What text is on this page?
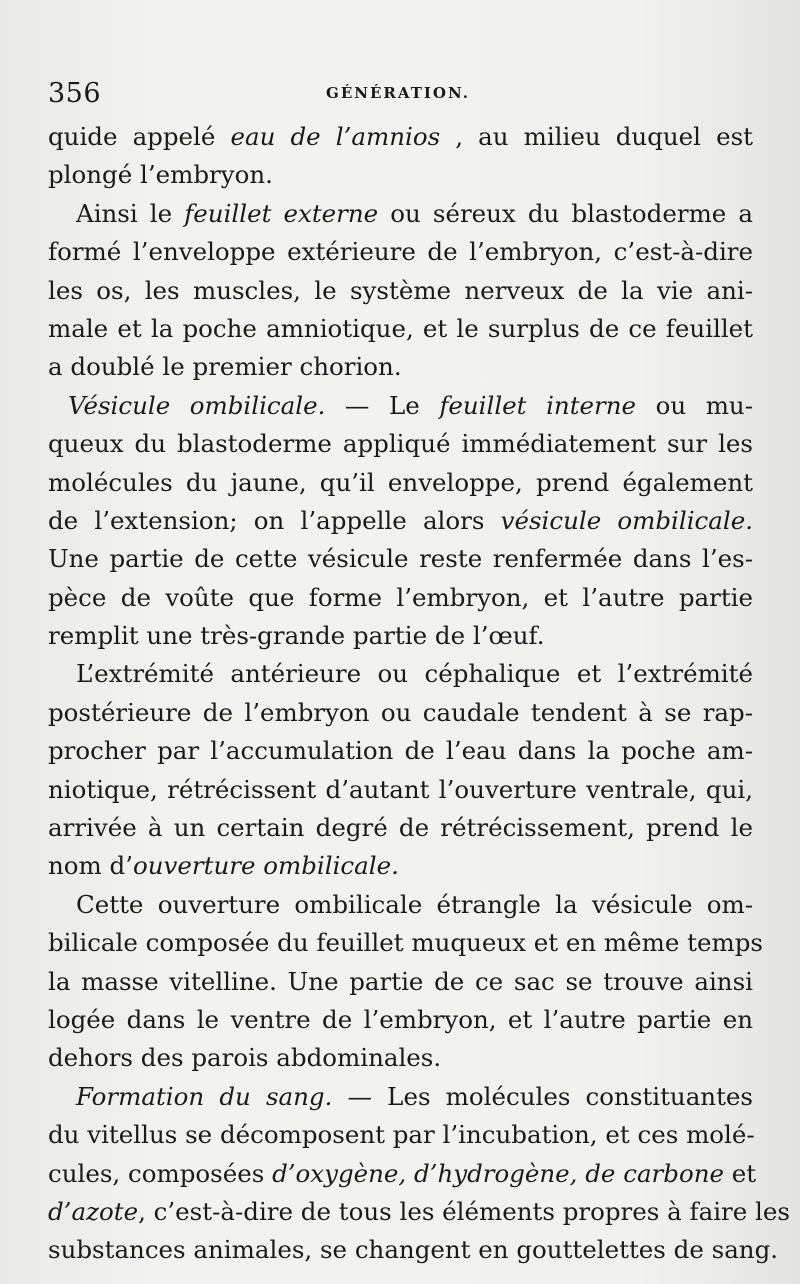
356	GÉNÉRATION.
quide appelé eau de l’amnios , au milieu duquel est
plongé l’embryon.
Ainsi le feuillet externe ou séreux du blastoderme a
formé l’enveloppe extérieure de l’embryon, c’est-à-dire
les os, les muscles, le système nerveux de la vie ani-
male et la poche amniotique, et le surplus de ce feuillet
a doublé le premier chorion.
Vésicule ombilicale. — Le feuillet interne ou mu-
queux du blastoderme appliqué immédiatement sur les
molécules du jaune, qu’il enveloppe, prend également
de l’extension; on l’appelle alors vésicule ombilicale.
Une partie de cette vésicule reste renfermée dans l’es-
pèce de voûte que forme l’embryon, et l’autre partie
remplit une très-grande partie de l’œuf.
L’extrémité antérieure ou céphalique et l’extrémité
postérieure de l’embryon ou caudale tendent à se rap-
procher par l’accumulation de l’eau dans la poche am-
niotique, rétrécissent d’autant l’ouverture ventrale, qui,
arrivée à un certain degré de rétrécissement, prend le
nom d’ouverture ombilicale.
Cette ouverture ombilicale étrangle la vésicule om-
bilicale composée du feuillet muqueux et en même temps
la masse vitelline. Une partie de ce sac se trouve ainsi
logée dans le ventre de l’embryon, et l’autre partie en
dehors des parois abdominales.
Formation du sang. — Les molécules constituantes
du vitellus se décomposent par l’incubation, et ces molé-
cules, composées d’oxygène, d’hydrogène, de carbone et
d’azote, c’est-à-dire de tous les éléments propres à faire les
substances animales, se changent en gouttelettes de sang.
